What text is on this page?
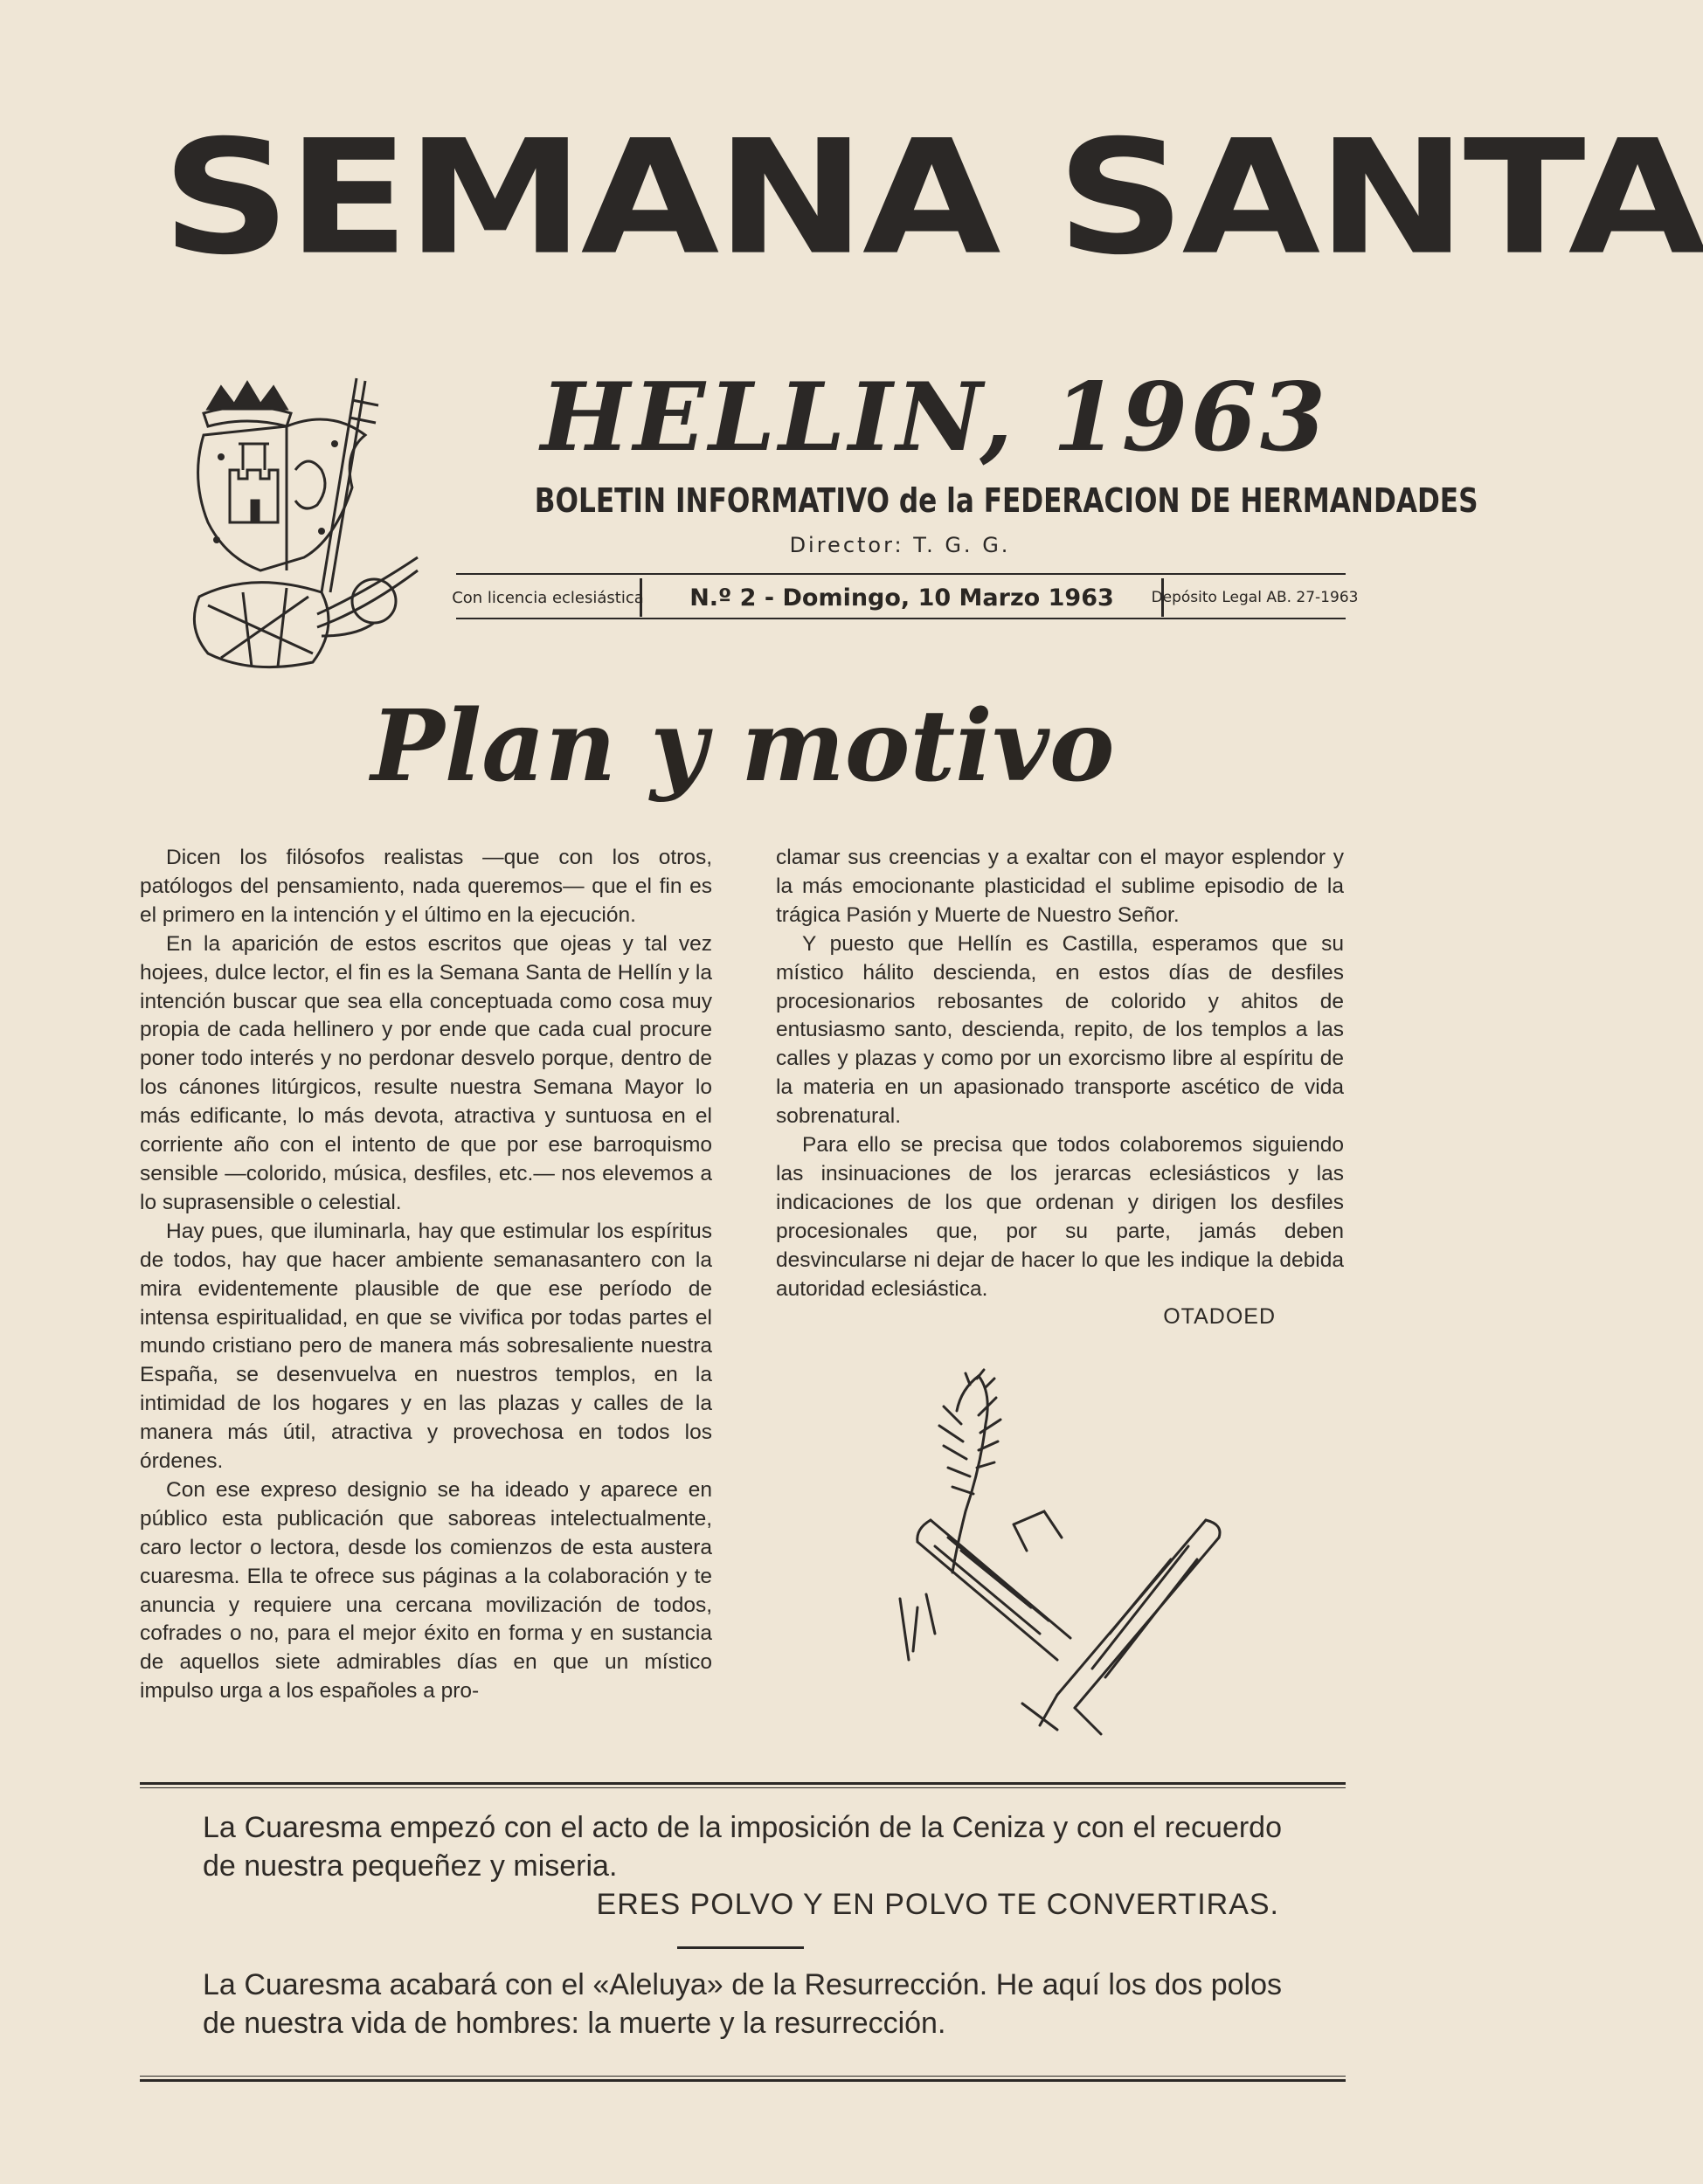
SEMANA SANTA
HELLIN, 1963
BOLETIN INFORMATIVO de la FEDERACION DE HERMANDADES
Director: T. G. G.
Con licencia eclesiástica	N.º 2 - Domingo, 10 Marzo 1963	Depósito Legal AB. 27-1963
Plan y motivo

Dicen los filósofos realistas —que con los otros, patólogos del pensamiento, nada queremos— que el fin es el primero en la intención y el último en la ejecución.

En la aparición de estos escritos que ojeas y tal vez hojees, dulce lector, el fin es la Semana Santa de Hellín y la intención buscar que sea ella conceptuada como cosa muy propia de cada hellinero y por ende que cada cual procure poner todo interés y no perdonar desvelo porque, dentro de los cánones litúrgicos, resulte nuestra Semana Mayor lo más edificante, lo más devota, atractiva y suntuosa en el corriente año con el intento de que por ese barroquismo sensible —colorido, música, desfiles, etc.— nos elevemos a lo suprasensible o celestial.

Hay pues, que iluminarla, hay que estimular los espíritus de todos, hay que hacer ambiente semanasantero con la mira evidentemente plausible de que ese período de intensa espiritualidad, en que se vivifica por todas partes el mundo cristiano pero de manera más sobresaliente nuestra España, se desenvuelva en nuestros templos, en la intimidad de los hogares y en las plazas y calles de la manera más útil, atractiva y provechosa en todos los órdenes.

Con ese expreso designio se ha ideado y aparece en público esta publicación que saboreas intelectualmente, caro lector o lectora, desde los comienzos de esta austera cuaresma. Ella te ofrece sus páginas a la colaboración y te anuncia y requiere una cercana movilización de todos, cofrades o no, para el mejor éxito en forma y en sustancia de aquellos siete admirables días en que un místico impulso urga a los españoles a pro-

clamar sus creencias y a exaltar con el mayor esplendor y la más emocionante plasticidad el sublime episodio de la trágica Pasión y Muerte de Nuestro Señor.

Y puesto que Hellín es Castilla, esperamos que su místico hálito descienda, en estos días de desfiles procesionarios rebosantes de colorido y ahitos de entusiasmo santo, descienda, repito, de los templos a las calles y plazas y como por un exorcismo libre al espíritu de la materia en un apasionado transporte ascético de vida sobrenatural.

Para ello se precisa que todos colaboremos siguiendo las insinuaciones de los jerarcas eclesiásticos y las indicaciones de los que ordenan y dirigen los desfiles procesionales que, por su parte, jamás deben desvincularse ni dejar de hacer lo que les indique la debida autoridad eclesiástica.

OTADOED
La Cuaresma empezó con el acto de la imposición de la Ceniza y con el recuerdo de nuestra pequeñez y miseria.
ERES POLVO Y EN POLVO TE CONVERTIRAS.
La Cuaresma acabará con el «Aleluya» de la Resurrección. He aquí los dos polos de nuestra vida de hombres: la muerte y la resurrección.
